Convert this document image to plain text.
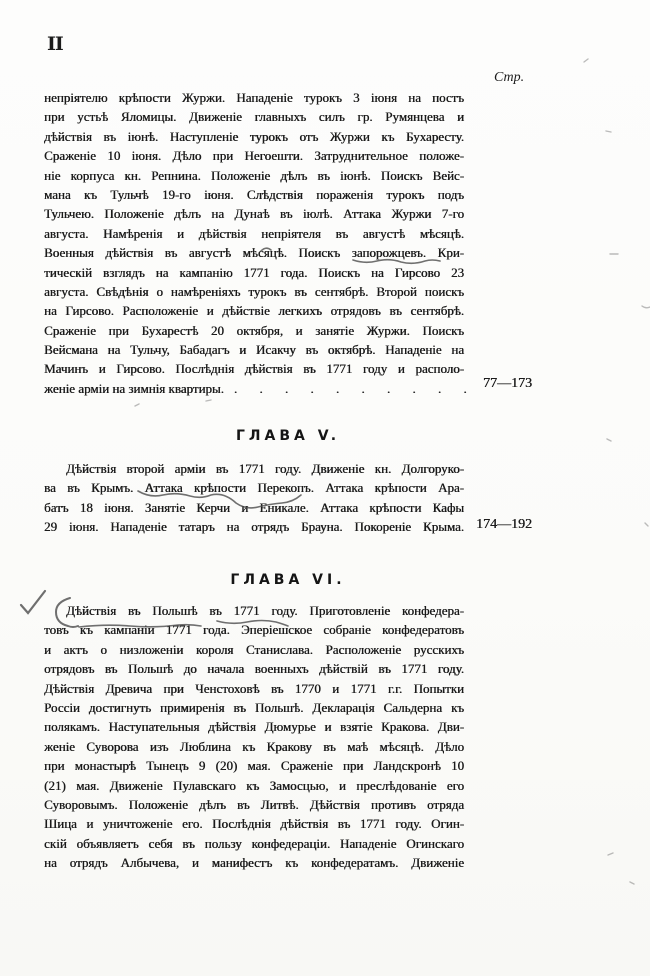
II
Стр.
непріятелю крѣпости Журжи. Нападеніе турокъ 3 іюня на постъ
при устьѣ Яломицы. Движеніе главныхъ силъ гр. Румянцева и
дѣйствія въ іюнѣ. Наступленіе турокъ отъ Журжи къ Бухаресту.
Сраженіе 10 іюня. Дѣло при Негоешти. Затруднительное положе-
ніе корпуса кн. Репнина. Положеніе дѣлъ въ іюнѣ. Поискъ Вейс-
мана къ Тульчѣ 19-го іюня. Слѣдствія пораженія турокъ подъ
Тульчею. Положеніе дѣлъ на Дунаѣ въ іюлѣ. Аттака Журжи 7-го
августа. Намѣренія и дѣйствія непріятеля въ августѣ мѣсяцѣ.
Военныя дѣйствія въ августѣ мѣсяцѣ. Поискъ запорожцевъ. Кри-
тическій взглядъ на кампанію 1771 года. Поискъ на Гирсово 23
августа. Свѣдѣнія о намѣреніяхъ турокъ въ сентябрѣ. Второй поискъ
на Гирсово. Расположеніе и дѣйствіе легкихъ отрядовъ въ сентябрѣ.
Сраженіе при Бухарестѣ 20 октября, и занятіе Журжи. Поискъ
Вейсмана на Тульчу, Бабадагъ и Исакчу въ октябрѣ. Нападеніе на
Мачинъ и Гирсово. Послѣднія дѣйствія въ 1771 году и располо-
женіе арміи на зимнія квартиры. . . . . . . . . . .	77—173
ГЛАВА V.
Дѣйствія второй арміи въ 1771 году. Движеніе кн. Долгоруко-
ва въ Крымъ. Аттака крѣпости Перекопъ. Аттака крѣпости Ара-
батъ 18 іюня. Занятіе Керчи и Еникале. Аттака крѣпости Кафы
29 іюня. Нападеніе татаръ на отрядъ Брауна. Покореніе Крыма. 174—192
ГЛАВА VI.
Дѣйствія въ Польшѣ въ 1771 году. Приготовленіе конфедера-
товъ къ кампаніи 1771 года. Эперіешское собраніе конфедератовъ
и актъ о низложеніи короля Станислава. Расположеніе русскихъ
отрядовъ въ Польшѣ до начала военныхъ дѣйствій въ 1771 году.
Дѣйствія Древича при Ченстоховѣ въ 1770 и 1771 г.г. Попытки
Россіи достигнуть примиренія въ Польшѣ. Декларація Сальдерна къ
полякамъ. Наступательныя дѣйствія Дюмурье и взятіе Кракова. Дви-
женіе Суворова изъ Люблина къ Кракову въ маѣ мѣсяцѣ. Дѣло
при монастырѣ Тынецъ 9 (20) мая. Сраженіе при Ландскронѣ 10
(21) мая. Движеніе Пулавскаго къ Замосцью, и преслѣдованіе его
Суворовымъ. Положеніе дѣлъ въ Литвѣ. Дѣйствія противъ отряда
Шица и уничтоженіе его. Послѣднія дѣйствія въ 1771 году. Огин-
скій объявляетъ себя въ пользу конфедераціи. Нападеніе Огинскаго
на отрядъ Албычева, и манифестъ къ конфедератамъ. Движеніе
